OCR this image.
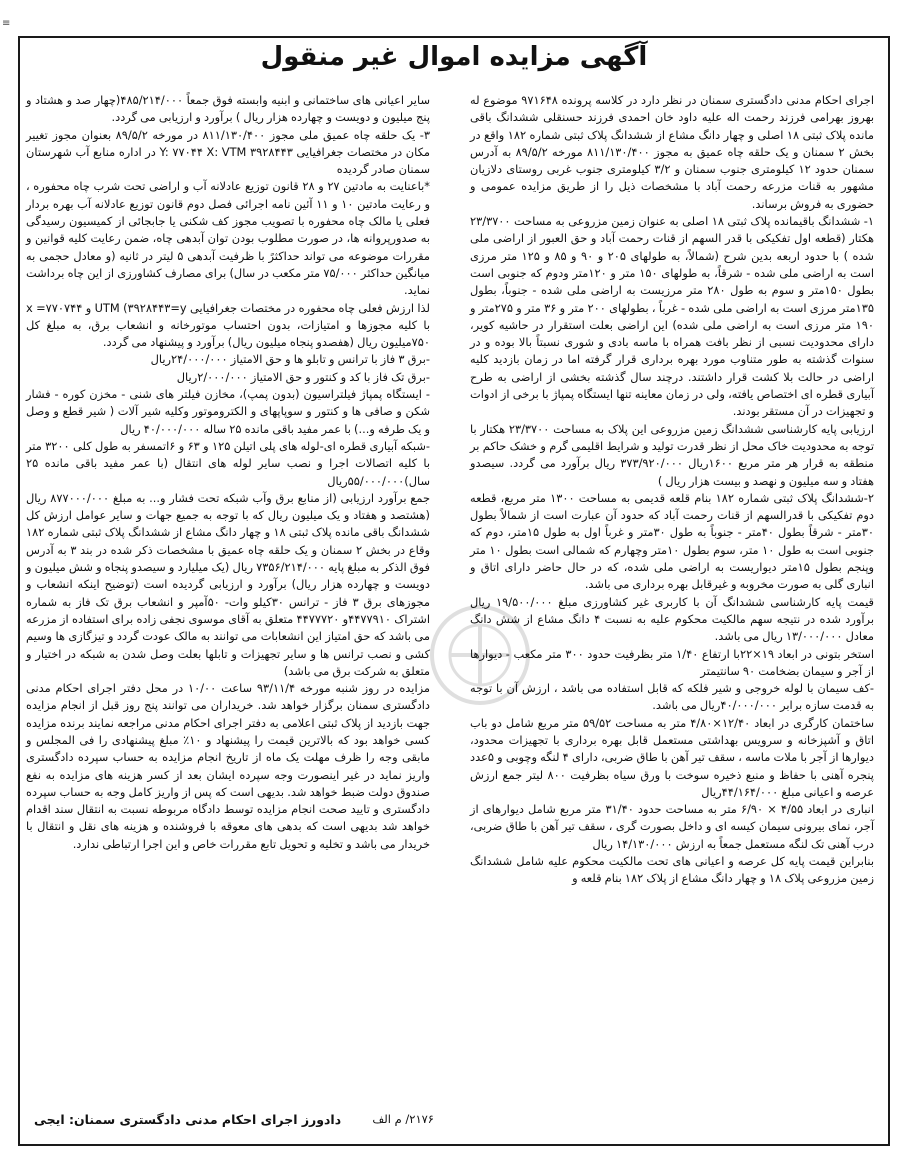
≡
آگهی مزایده اموال غیر منقول

اجرای احکام مدنی دادگستری سمنان در نظر دارد در کلاسه پرونده ۹۷۱۶۴۸ موضوع له بهروز بهرامی فرزند رحمت اله علیه داود خان احمدی فرزند حسنقلی ششدانگ باقی مانده پلاک ثبتی ۱۸ اصلی و چهار دانگ مشاع از ششدانگ پلاک ثبتی شماره ۱۸۲ واقع در بخش ۲ سمنان و یک حلقه چاه عمیق به مجوز ۸۱۱/۱۳۰/۴۰۰ مورخه ۸۹/۵/۲ به آدرس سمنان حدود ۱۲ کیلومتری جنوب سمنان و ۳/۲ کیلومتری جنوب غربی روستای دلازیان مشهور به قنات مزرعه رحمت آباد با مشخصات ذیل را از طریق مزایده عمومی و حضوری به فروش برساند.

۱- ششدانگ باقیمانده پلاک ثبتی ۱۸ اصلی به عنوان زمین مزروعی به مساحت ۲۳/۳۷۰۰ هکتار (قطعه اول تفکیکی با قدر السهم از قنات رحمت آباد و حق العبور از اراضی ملی شده ) با حدود اربعه بدین شرح (شمالاً، به طولهای ۲۰۵ و ۹۰ و ۸۵ و ۱۲۵ متر مرزی است به اراضی ملی شده - شرقاً، به طولهای ۱۵۰ متر و ۱۲۰متر ودوم که جنوبی است بطول ۱۵۰متر و سوم به طول ۲۸۰ متر مرزیست به اراضی ملی شده - جنوباً، بطول ۱۳۵متر مرزی است به اراضی ملی شده - غرباً ، بطولهای ۲۰۰ متر و ۳۶ متر و ۲۷۵متر و ۱۹۰ متر مرزی است به اراضی ملی شده) این اراضی بعلت استقرار در حاشیه کویر، دارای محدودیت نسبی از نظر بافت همراه با ماسه بادی و شوری نسبتاً بالا بوده و در سنوات گذشته به طور متناوب مورد بهره برداری قرار گرفته اما در زمان بازدید کلیه اراضی در حالت بلا کشت قرار داشتند. درچند سال گذشته بخشی از اراضی به طرح آبیاری قطره ای اختصاص یافته، ولی در زمان معاینه تنها ایستگاه پمپاژ با برخی از ادوات و تجهیزات در آن مستقر بودند.

ارزیابی پایه کارشناسی ششدانگ زمین مزروعی این پلاک به مساحت ۲۳/۳۷۰۰ هکتار با توجه به محدودیت خاک محل از نظر قدرت تولید و شرایط اقلیمی گرم و خشک حاکم بر منطقه به قرار هر متر مربع ۱۶۰۰ریال ۳۷۳/۹۲۰/۰۰۰ ریال برآورد می گردد. سیصدو هفتاد و سه میلیون و نهصد و بیست هزار ریال )

۲-ششدانگ پلاک ثبتی شماره ۱۸۲ بنام قلعه قدیمی به مساحت ۱۳۰۰ متر مربع، قطعه دوم تفکیکی با قدرالسهم از قنات رحمت آباد که حدود آن عبارت است از شمالاً بطول ۳۰متر - شرقاً بطول ۴۰متر - جنوباً به طول ۳۰متر و غرباً اول به طول ۱۵متر، دوم که جنوبی است به طول ۱۰ متر، سوم بطول ۱۰متر وچهارم که شمالی است بطول ۱۰ متر وپنجم بطول ۱۵متر دیواریست به اراضی ملی شده، که در حال حاضر دارای اتاق و انباری گلی به صورت مخروبه و غیرقابل بهره برداری می باشد.

قیمت پایه کارشناسی ششدانگ آن با کاربری غیر کشاورزی مبلغ ۱۹/۵۰۰/۰۰۰ ریال برآورد شده در نتیجه سهم مالکیت محکوم علیه به نسبت ۴ دانگ مشاع از شش دانگ معادل ۱۳/۰۰۰/۰۰۰ ریال می باشد.

استخر بتونی در ابعاد ۱۹×۲۲با ارتفاع ۱/۴۰ متر بظرفیت حدود ۳۰۰ متر مکعب - دیوارها از آجر و سیمان بضخامت ۹۰ سانتیمتر

-کف سیمان با لوله خروجی و شیر فلکه که قابل استفاده می باشد ، ارزش آن با توجه به قدمت سازه برابر ۴۰/۰۰۰/۰۰۰ریال می باشد.

ساختمان کارگری در ابعاد ۱۲/۴۰×۴/۸۰ متر به مساحت ۵۹/۵۲ متر مربع شامل دو باب اتاق و آشپزخانه و سرویس بهداشتی مستعمل قابل بهره برداری با تجهیزات محدود، دیوارها از آجر با ملات ماسه ، سقف تیر آهن با طاق ضربی، دارای ۴ لنگه وچوبی و ۵عدد پنجره آهنی با حفاظ و منبع ذخیره سوخت با ورق سیاه بظرفیت ۸۰۰ لیتر جمع ارزش عرصه و اعیانی مبلغ ۴۴/۱۶۴/۰۰۰ریال

انباری در ابعاد ۴/۵۵ × ۶/۹۰ متر به مساحت حدود ۳۱/۴۰ متر مربع شامل دیوارهای از آجر، نمای بیرونی سیمان کیسه ای و داخل بصورت گری ، سقف تیر آهن با طاق ضربی، درب آهنی تک لنگه مستعمل جمعاً به ارزش ۱۴/۱۳۰/۰۰۰ ریال

بنابراین قیمت پایه کل عرصه و اعیانی های تحت مالکیت محکوم علیه شامل ششدانگ زمین مزروعی پلاک ۱۸ و چهار دانگ مشاع از پلاک ۱۸۲ بنام قلعه و

سایر اعیانی های ساختمانی و ابنیه وابسته فوق جمعاً ۴۸۵/۲۱۴/۰۰۰(چهار صد و هشتاد و پنج میلیون و دویست و چهارده هزار ریال ) برآورد و ارزیابی می گردد.

۳- یک حلقه چاه عمیق ملی مجوز ۸۱۱/۱۳۰/۴۰۰ در مورخه ۸۹/۵/۲ بعنوان مجوز تغییر مکان در مختصات جغرافیایی ۳۹۲۸۴۴۳ Y: ۷۷۰۴۴ X: VTM در اداره منابع آب شهرستان سمنان صادر گردیده

*باعنایت به مادتین ۲۷ و ۲۸ قانون توزیع عادلانه آب و اراضی تحت شرب چاه محفوره ، و رعایت مادتین ۱۰ و ۱۱ آئین نامه اجرائی فصل دوم قانون توزیع عادلانه آب بهره بردار فعلی یا مالک چاه محفوره با تصویب مجوز کف شکنی یا جابجائی از کمیسیون رسیدگی به صدورپروانه ها، در صورت مطلوب بودن توان آبدهی چاه، ضمن رعایت کلیه قوانین و مقررات موضوعه می تواند حداکثرً با ظرفیت آبدهی ۵ لیتر در ثانیه (و معادل حجمی به میانگین حداکثر ۷۵/۰۰۰ متر مکعب در سال) برای مصارف کشاورزی از این چاه برداشت نماید.

لذا ارزش فعلی چاه محفوره در مختصات جغرافیایی UTM (۳۹۲۸۴۴۳=y و ۷۷۰۷۴۴= x با کلیه مجوزها و امتیازات، بدون احتساب موتورخانه و انشعاب برق، به مبلغ کل ۷۵۰میلیون ریال (هفصدو پنجاه میلیون ریال) برآورد و پیشنهاد می گردد.

-برق ۳ فاز با ترانس و تابلو ها و حق الامتیاز ۲۴/۰۰۰/۰۰۰ریال

-برق تک فاز با کد و کنتور و حق الامتیاز ۲/۰۰۰/۰۰۰ریال

- ایستگاه پمپاژ فیلتراسیون (بدون پمپ)، مخازن فیلتر های شنی - مخزن کوره - فشار شکن و صافی ها و کنتور و سوپاپهای و الکتروموتور وکلیه شیر آلات ( شیر قطع و وصل و یک طرفه و...) با عمر مفید باقی مانده ۲۵ ساله ۴۰/۰۰۰/۰۰۰ ریال

-شبکه آبیاری قطره ای-لوله های پلی اتیلن ۱۲۵ و ۶۳ و ۶اتمسفر به طول کلی ۳۲۰۰ متر با کلیه اتصالات اجرا و نصب سایر لوله های انتقال (با عمر مفید باقی مانده ۲۵ سال)۵۵/۰۰۰/۰۰۰ریال

جمع برآورد ارزیابی (از منابع برق وآب شبکه تحت فشار و... به مبلغ ۸۷۷۰۰۰/۰۰۰ ریال (هشتصد و هفتاد و یک میلیون ریال که با توجه به جمیع جهات و سایر عوامل ارزش کل ششدانگ باقی مانده پلاک ثبتی ۱۸ و چهار دانگ مشاع از ششدانگ پلاک ثبتی شماره ۱۸۲ وقاع در بخش ۲ سمنان و یک حلقه چاه عمیق با مشخصات ذکر شده در بند ۳ به آدرس فوق الذکر به مبلغ پایه ۷۳۵۶/۲۱۴/۰۰۰ ریال (یک میلیارد و سیصدو پنجاه و شش میلیون و دویست و چهارده هزار ریال) برآورد و ارزیابی گردیده است (توضیح اینکه انشعاب و مجوزهای برق ۳ فاز - ترانس ۳۰کیلو وات- ۵۰آمپر و انشعاب برق تک فاز به شماره اشتراک ۴۴۷۷۹۱۰و ۴۴۷۷۷۲۰ متعلق به آقای موسوی نجفی زاده برای استفاده از مزرعه می باشد که حق امتیاز این انشعابات می توانند به مالک عودت گردد و تیزگازی ها وسیم کشی و نصب ترانس ها و سایر تجهیزات و تابلها بعلت وصل شدن به شبکه در اختیار و متعلق به شرکت برق می باشد)

مزایده در روز شنبه مورخه ۹۳/۱۱/۴ ساعت ۱۰/۰۰ در محل دفتر اجرای احکام مدنی دادگستری سمنان برگزار خواهد شد. خریداران می توانند پنج روز قبل از انجام مزایده جهت بازدید از پلاک ثبتی اعلامی به دفتر اجرای احکام مدنی مراجعه نمایند برنده مزایده کسی خواهد بود که بالاترین قیمت را پیشنهاد و ۱۰٪ مبلغ پیشنهادی را فی المجلس و مابقی وجه را ظرف مهلت یک ماه از تاریخ انجام مزایده به حساب سپرده دادگستری واریز نماید در غیر اینصورت وجه سپرده ایشان بعد از کسر هزینه های مزایده به نفع صندوق دولت ضبط خواهد شد. بدیهی است که پس از واریز کامل وجه به حساب سپرده دادگستری و تایید صحت انجام مزایده توسط دادگاه مربوطه نسبت به انتقال سند اقدام خواهد شد بدیهی است که بدهی های معوقه با فروشنده و هزینه های نقل و انتقال با خریدار می باشد و تخلیه و تحویل تابع مقررات خاص و این اجرا ارتباطی ندارد.

دادورز اجرای احکام مدنی دادگستری سمنان: ایجی	۲۱۷۶/ م الف
